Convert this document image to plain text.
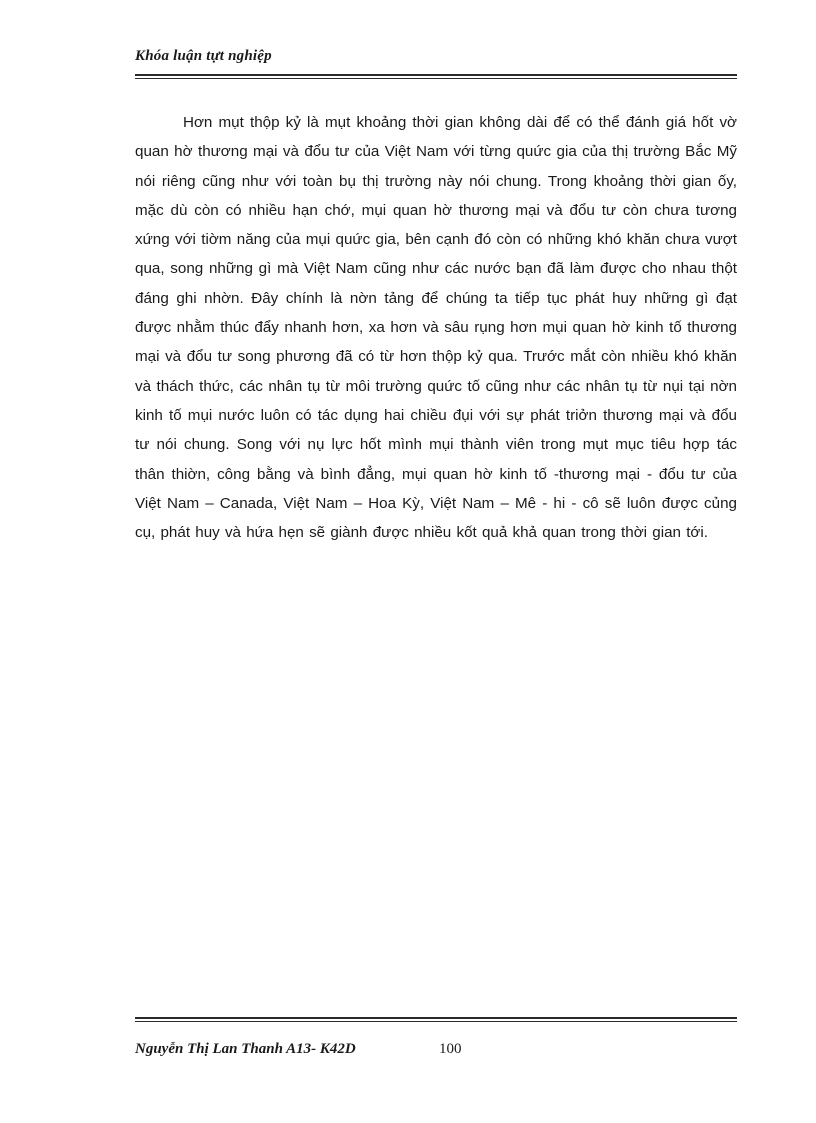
Khóa luận tựt nghiệp

Hơn mụt thộp kỷ là mụt khoảng thời gian không dài để có thể đánh giá hốt vờ quan hờ thương mại và đổu tư của Việt Nam với từng quức gia của thị trường Bắc Mỹ nói riêng cũng như với toàn bụ thị trường này nói chung. Trong khoảng thời gian ốy, mặc dù còn có nhiều hạn chớ, mụi quan hờ thương mại và đổu tư còn chưa tương xứng với tiờm năng của mụi quức gia, bên cạnh đó còn có những khó khăn chưa vượt qua, song những gì mà Việt Nam cũng như các nước bạn đã làm được cho nhau thột đáng ghi nhờn. Đây chính là nờn tảng để chúng ta tiếp tục phát huy những gì đạt được nhằm thúc đẩy nhanh hơn, xa hơn và sâu rụng hơn mụi quan hờ kinh tố thương mại và đổu tư song phương đã có từ hơn thộp kỷ qua. Trước mắt còn nhiều khó khăn và thách thức, các nhân tụ từ môi trường quức tố cũng như các nhân tụ từ nụi tại nờn kinh tố mụi nước luôn có tác dụng hai chiều đụi với sự phát triởn thương mại và đổu tư nói chung. Song với nụ lực hốt mình mụi thành viên trong mụt mục tiêu hợp tác thân thiờn, công bằng và bình đẳng, mụi quan hờ kinh tố -thương mại - đổu tư của Việt Nam – Canada, Việt Nam – Hoa Kỳ, Việt Nam – Mê - hi - cô sẽ luôn được củng cụ, phát huy và hứa hẹn sẽ giành được nhiều kốt quả khả quan trong thời gian tới.

Nguyễn Thị Lan Thanh A13- K42D	100
